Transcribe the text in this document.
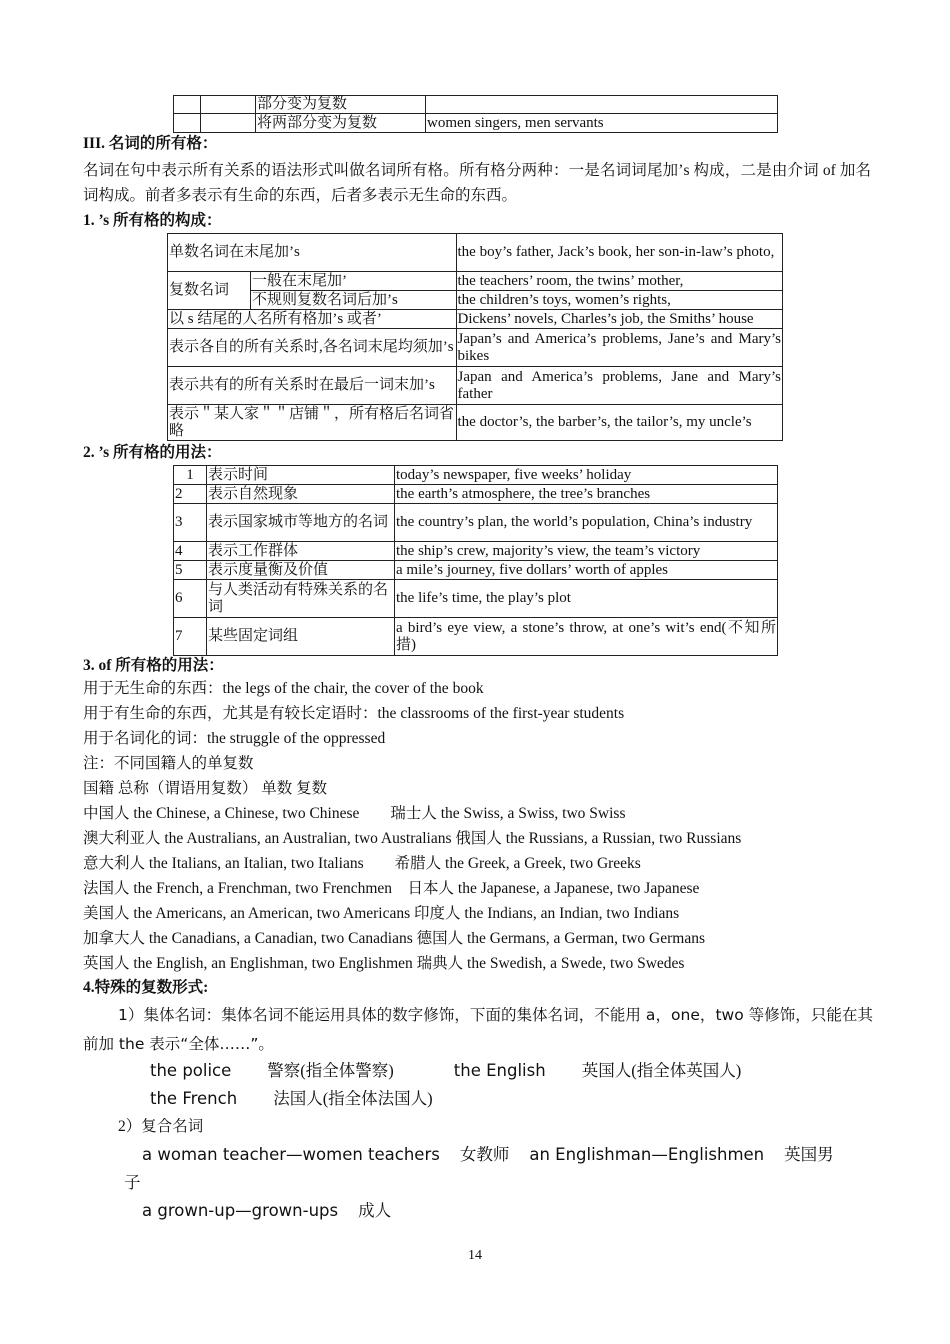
		部分变为复数	
		将两部分变为复数	women singers, men servants
III. 名词的所有格：
名词在句中表示所有关系的语法形式叫做名词所有格。所有格分两种：一是名词词尾加’s 构成，二是由介词 of 加名词构成。前者多表示有生命的东西，后者多表示无生命的东西。
1. ’s 所有格的构成：
单数名词在末尾加’s		the boy’s father, Jack’s book, her son-in-law’s photo,
复数名词	一般在末尾加’	the teachers’ room, the twins’ mother,
	不规则复数名词后加’s	the children’s toys, women’s rights,
以 s 结尾的人名所有格加’s 或者’		Dickens’ novels, Charles’s job, the Smiths’ house
表示各自的所有关系时,各名词末尾均须加’s		Japan’s and America’s problems, Jane’s and Mary’s bikes
表示共有的所有关系时在最后一词末加’s		Japan and America’s problems, Jane and Mary’s father
表示＂某人家＂＂店铺＂，所有格后名词省略		the doctor’s, the barber’s, the tailor’s, my uncle’s
2. ’s 所有格的用法：
1	表示时间	today’s newspaper, five weeks’ holiday
2	表示自然现象	the earth’s atmosphere, the tree’s branches
3	表示国家城市等地方的名词	the country’s plan, the world’s population, China’s industry
4	表示工作群体	the ship’s crew, majority’s view, the team’s victory
5	表示度量衡及价值	a mile’s journey, five dollars’ worth of apples
6	与人类活动有特殊关系的名词	the life’s time, the play’s plot
7	某些固定词组	a bird’s eye view, a stone’s throw, at one’s wit’s end(不知所措)
3. of 所有格的用法：
用于无生命的东西：the legs of the chair, the cover of the book
用于有生命的东西，尤其是有较长定语时：the classrooms of the first-year students
用于名词化的词：the struggle of the oppressed
注：不同国籍人的单复数
国籍 总称（谓语用复数） 单数 复数
中国人 the Chinese, a Chinese, two Chinese　　瑞士人 the Swiss, a Swiss, two Swiss
澳大利亚人 the Australians, an Australian, two Australians 俄国人 the Russians, a Russian, two Russians
意大利人 the Italians, an Italian, two Italians　　希腊人 the Greek, a Greek, two Greeks
法国人 the French, a Frenchman, two Frenchmen　日本人 the Japanese, a Japanese, two Japanese
美国人 the Americans, an American, two Americans 印度人 the Indians, an Indian, two Indians
加拿大人 the Canadians, a Canadian, two Canadians 德国人 the Germans, a German, two Germans
英国人 the English, an Englishman, two Englishmen 瑞典人 the Swedish, a Swede, two Swedes
4.特殊的复数形式:
1）集体名词：集体名词不能运用具体的数字修饰，下面的集体名词，不能用 a，one，two 等修饰，只能在其前加 the 表示“全体……”。
the police 警察(指全体警察)	the English 英国人(指全体英国人)
the French 法国人(指全体法国人)
2）复合名词
a woman teacher—women teachers 女教师 an Englishman—Englishmen 英国男
子
a grown-up—grown-ups 成人
14
